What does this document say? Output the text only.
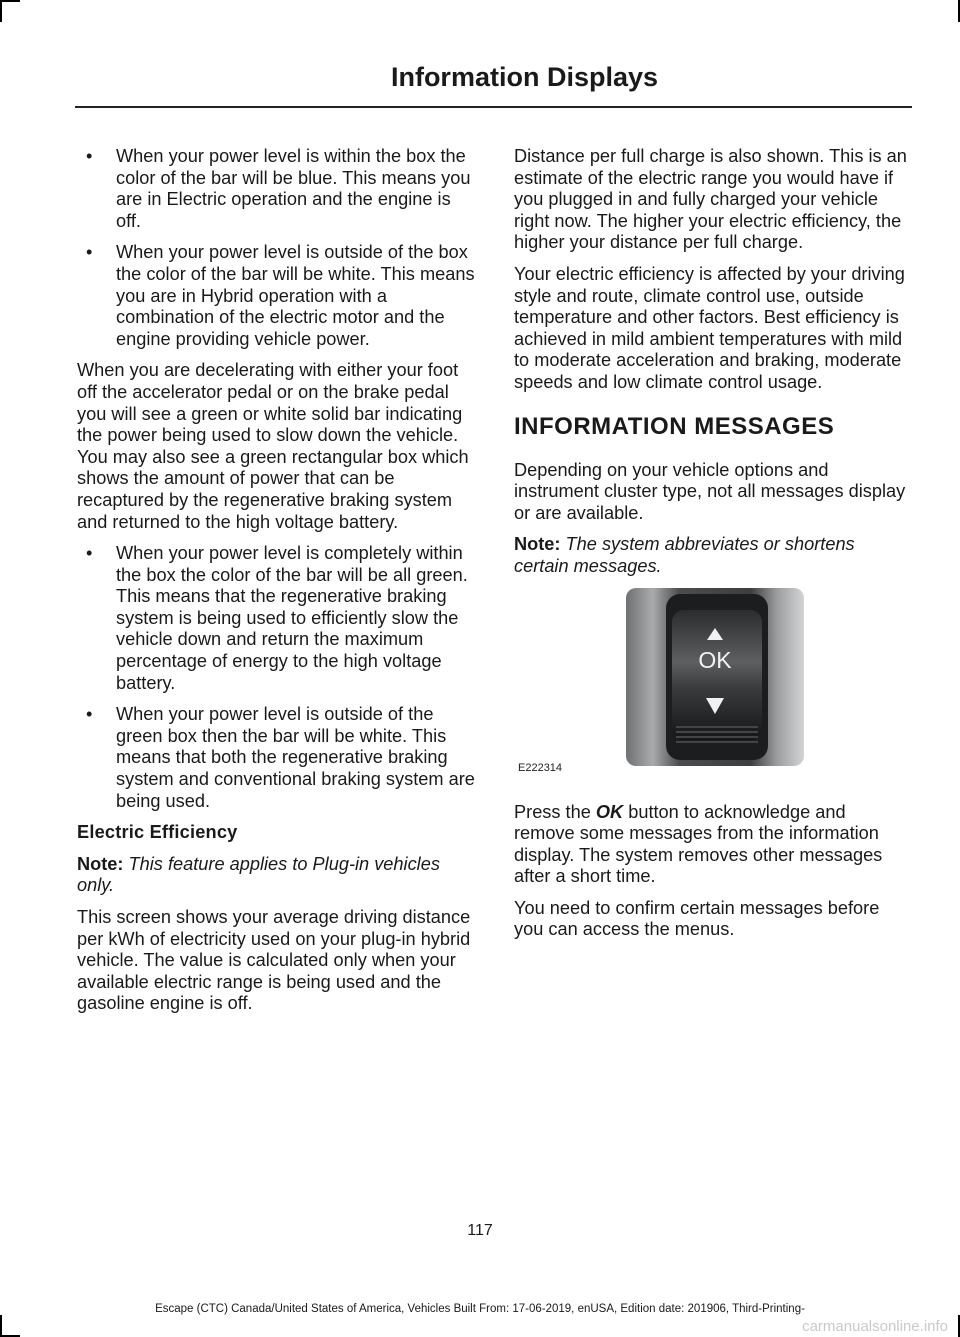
Information Displays
• When your power level is within the box the color of the bar will be blue. This means you are in Electric operation and the engine is off.
• When your power level is outside of the box the color of the bar will be white. This means you are in Hybrid operation with a combination of the electric motor and the engine providing vehicle power.

When you are decelerating with either your foot off the accelerator pedal or on the brake pedal you will see a green or white solid bar indicating the power being used to slow down the vehicle. You may also see a green rectangular box which shows the amount of power that can be recaptured by the regenerative braking system and returned to the high voltage battery.

• When your power level is completely within the box the color of the bar will be all green. This means that the regenerative braking system is being used to efficiently slow the vehicle down and return the maximum percentage of energy to the high voltage battery.
• When your power level is outside of the green box then the bar will be white. This means that both the regenerative braking system and conventional braking system are being used.
Electric Efficiency

Note: This feature applies to Plug-in vehicles only.

This screen shows your average driving distance per kWh of electricity used on your plug-in hybrid vehicle. The value is calculated only when your available electric range is being used and the gasoline engine is off.

Distance per full charge is also shown. This is an estimate of the electric range you would have if you plugged in and fully charged your vehicle right now. The higher your electric efficiency, the higher your distance per full charge.

Your electric efficiency is affected by your driving style and route, climate control use, outside temperature and other factors. Best efficiency is achieved in mild ambient temperatures with mild to moderate acceleration and braking, moderate speeds and low climate control usage.

INFORMATION MESSAGES

Depending on your vehicle options and instrument cluster type, not all messages display or are available.

Note: The system abbreviates or shortens certain messages.

OK
E222314

Press the OK button to acknowledge and remove some messages from the information display. The system removes other messages after a short time.

You need to confirm certain messages before you can access the menus.

117
Escape (CTC) Canada/United States of America, Vehicles Built From: 17-06-2019, enUSA, Edition date: 201906, Third-Printing-
carmanualsonline.info
